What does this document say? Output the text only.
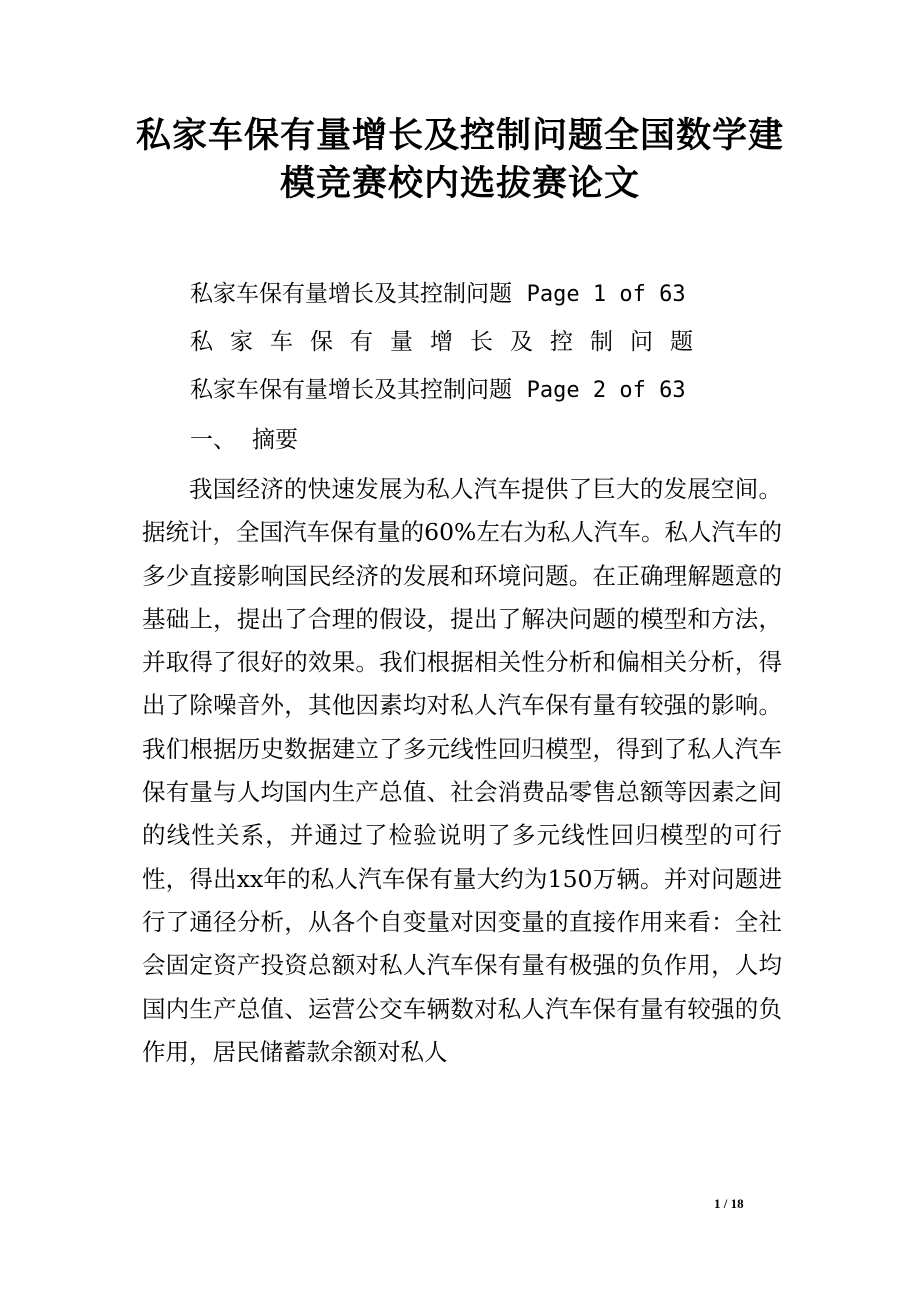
私家车保有量增长及控制问题全国数学建
模竞赛校内选拔赛论文
私家车保有量增长及其控制问题 Page 1 of 63
私家车保有量增长及控制问题
私家车保有量增长及其控制问题 Page 2 of 63
一、 摘要

我国经济的快速发展为私人汽车提供了巨大的发展空间。据统计，全国汽车保有量的60%左右为私人汽车。私人汽车的多少直接影响国民经济的发展和环境问题。在正确理解题意的基础上，提出了合理的假设，提出了解决问题的模型和方法，并取得了很好的效果。我们根据相关性分析和偏相关分析，得出了除噪音外，其他因素均对私人汽车保有量有较强的影响。我们根据历史数据建立了多元线性回归模型，得到了私人汽车保有量与人均国内生产总值、社会消费品零售总额等因素之间的线性关系，并通过了检验说明了多元线性回归模型的可行性，得出xx年的私人汽车保有量大约为150万辆。并对问题进行了通径分析，从各个自变量对因变量的直接作用来看：全社会固定资产投资总额对私人汽车保有量有极强的负作用，人均国内生产总值、运营公交车辆数对私人汽车保有量有较强的负作用，居民储蓄款余额对私人

1 / 18
